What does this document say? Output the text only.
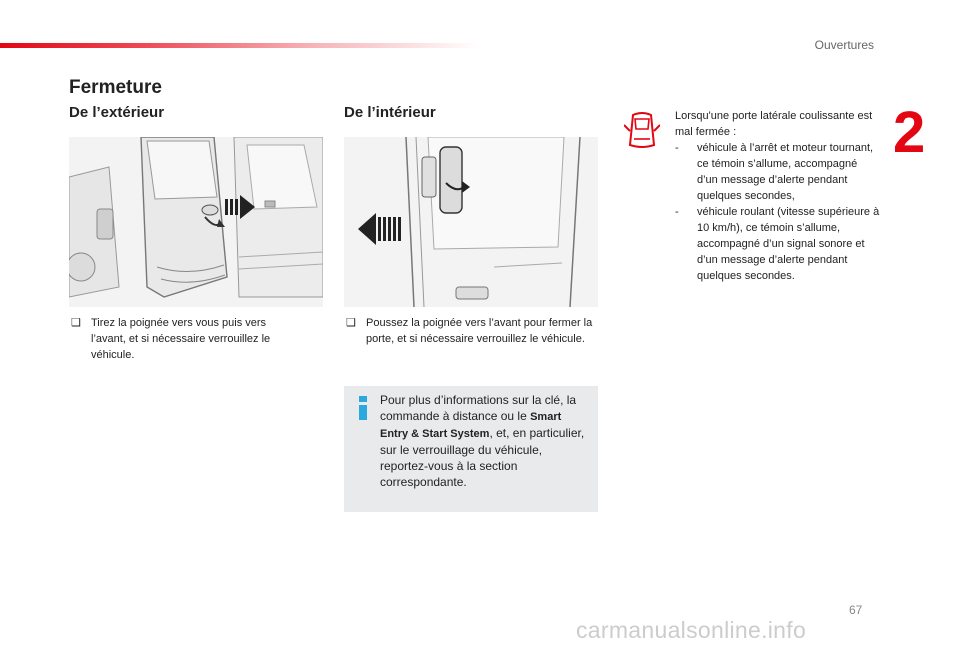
Ouvertures
2
Fermeture
De l’extérieur	De l’intérieur
❑ Tirez la poignée vers vous puis vers l’avant, et si nécessaire verrouillez le véhicule.
❑ Poussez la poignée vers l’avant pour fermer la porte, et si nécessaire verrouillez le véhicule.
Pour plus d’informations sur la clé, la commande à distance ou le Smart Entry & Start System, et, en particulier, sur le verrouillage du véhicule, reportez-vous à la section correspondante.
Lorsqu'une porte latérale coulissante est mal fermée :
- véhicule à l’arrêt et moteur tournant, ce témoin s’allume, accompagné d’un message d’alerte pendant quelques secondes,
- véhicule roulant (vitesse supérieure à 10 km/h), ce témoin s’allume, accompagné d’un signal sonore et d’un message d’alerte pendant quelques secondes.
67
carmanualsonline.info
